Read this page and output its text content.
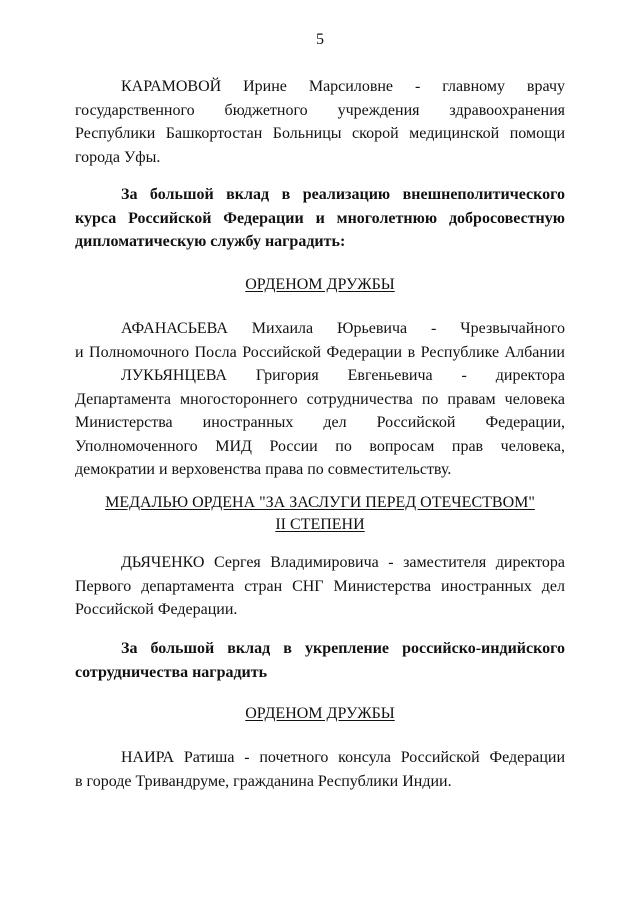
5
КАРАМОВОЙ Ирине Марсиловне - главному врачу
государственного бюджетного учреждения здравоохранения
Республики Башкортостан Больницы скорой медицинской помощи
города Уфы.
За большой вклад в реализацию внешнеполитического
курса Российской Федерации и многолетнюю добросовестную
дипломатическую службу наградить:

ОРДЕНОМ ДРУЖБЫ

АФАНАСЬЕВА Михаила Юрьевича - Чрезвычайного
и Полномочного Посла Российской Федерации в Республике Албании
ЛУКЬЯНЦЕВА Григория Евгеньевича - директора
Департамента многостороннего сотрудничества по правам человека
Министерства иностранных дел Российской Федерации,
Уполномоченного МИД России по вопросам прав человека,
демократии и верховенства права по совместительству.

МЕДАЛЬЮ ОРДЕНА "ЗА ЗАСЛУГИ ПЕРЕД ОТЕЧЕСТВОМ"

II СТЕПЕНИ

ДЬЯЧЕНКО Сергея Владимировича - заместителя директора
Первого департамента стран СНГ Министерства иностранных дел
Российской Федерации.
За большой вклад в укрепление российско-индийского
сотрудничества наградить

ОРДЕНОМ ДРУЖБЫ

НАИРА Ратиша - почетного консула Российской Федерации
в городе Тривандруме, гражданина Республики Индии.
